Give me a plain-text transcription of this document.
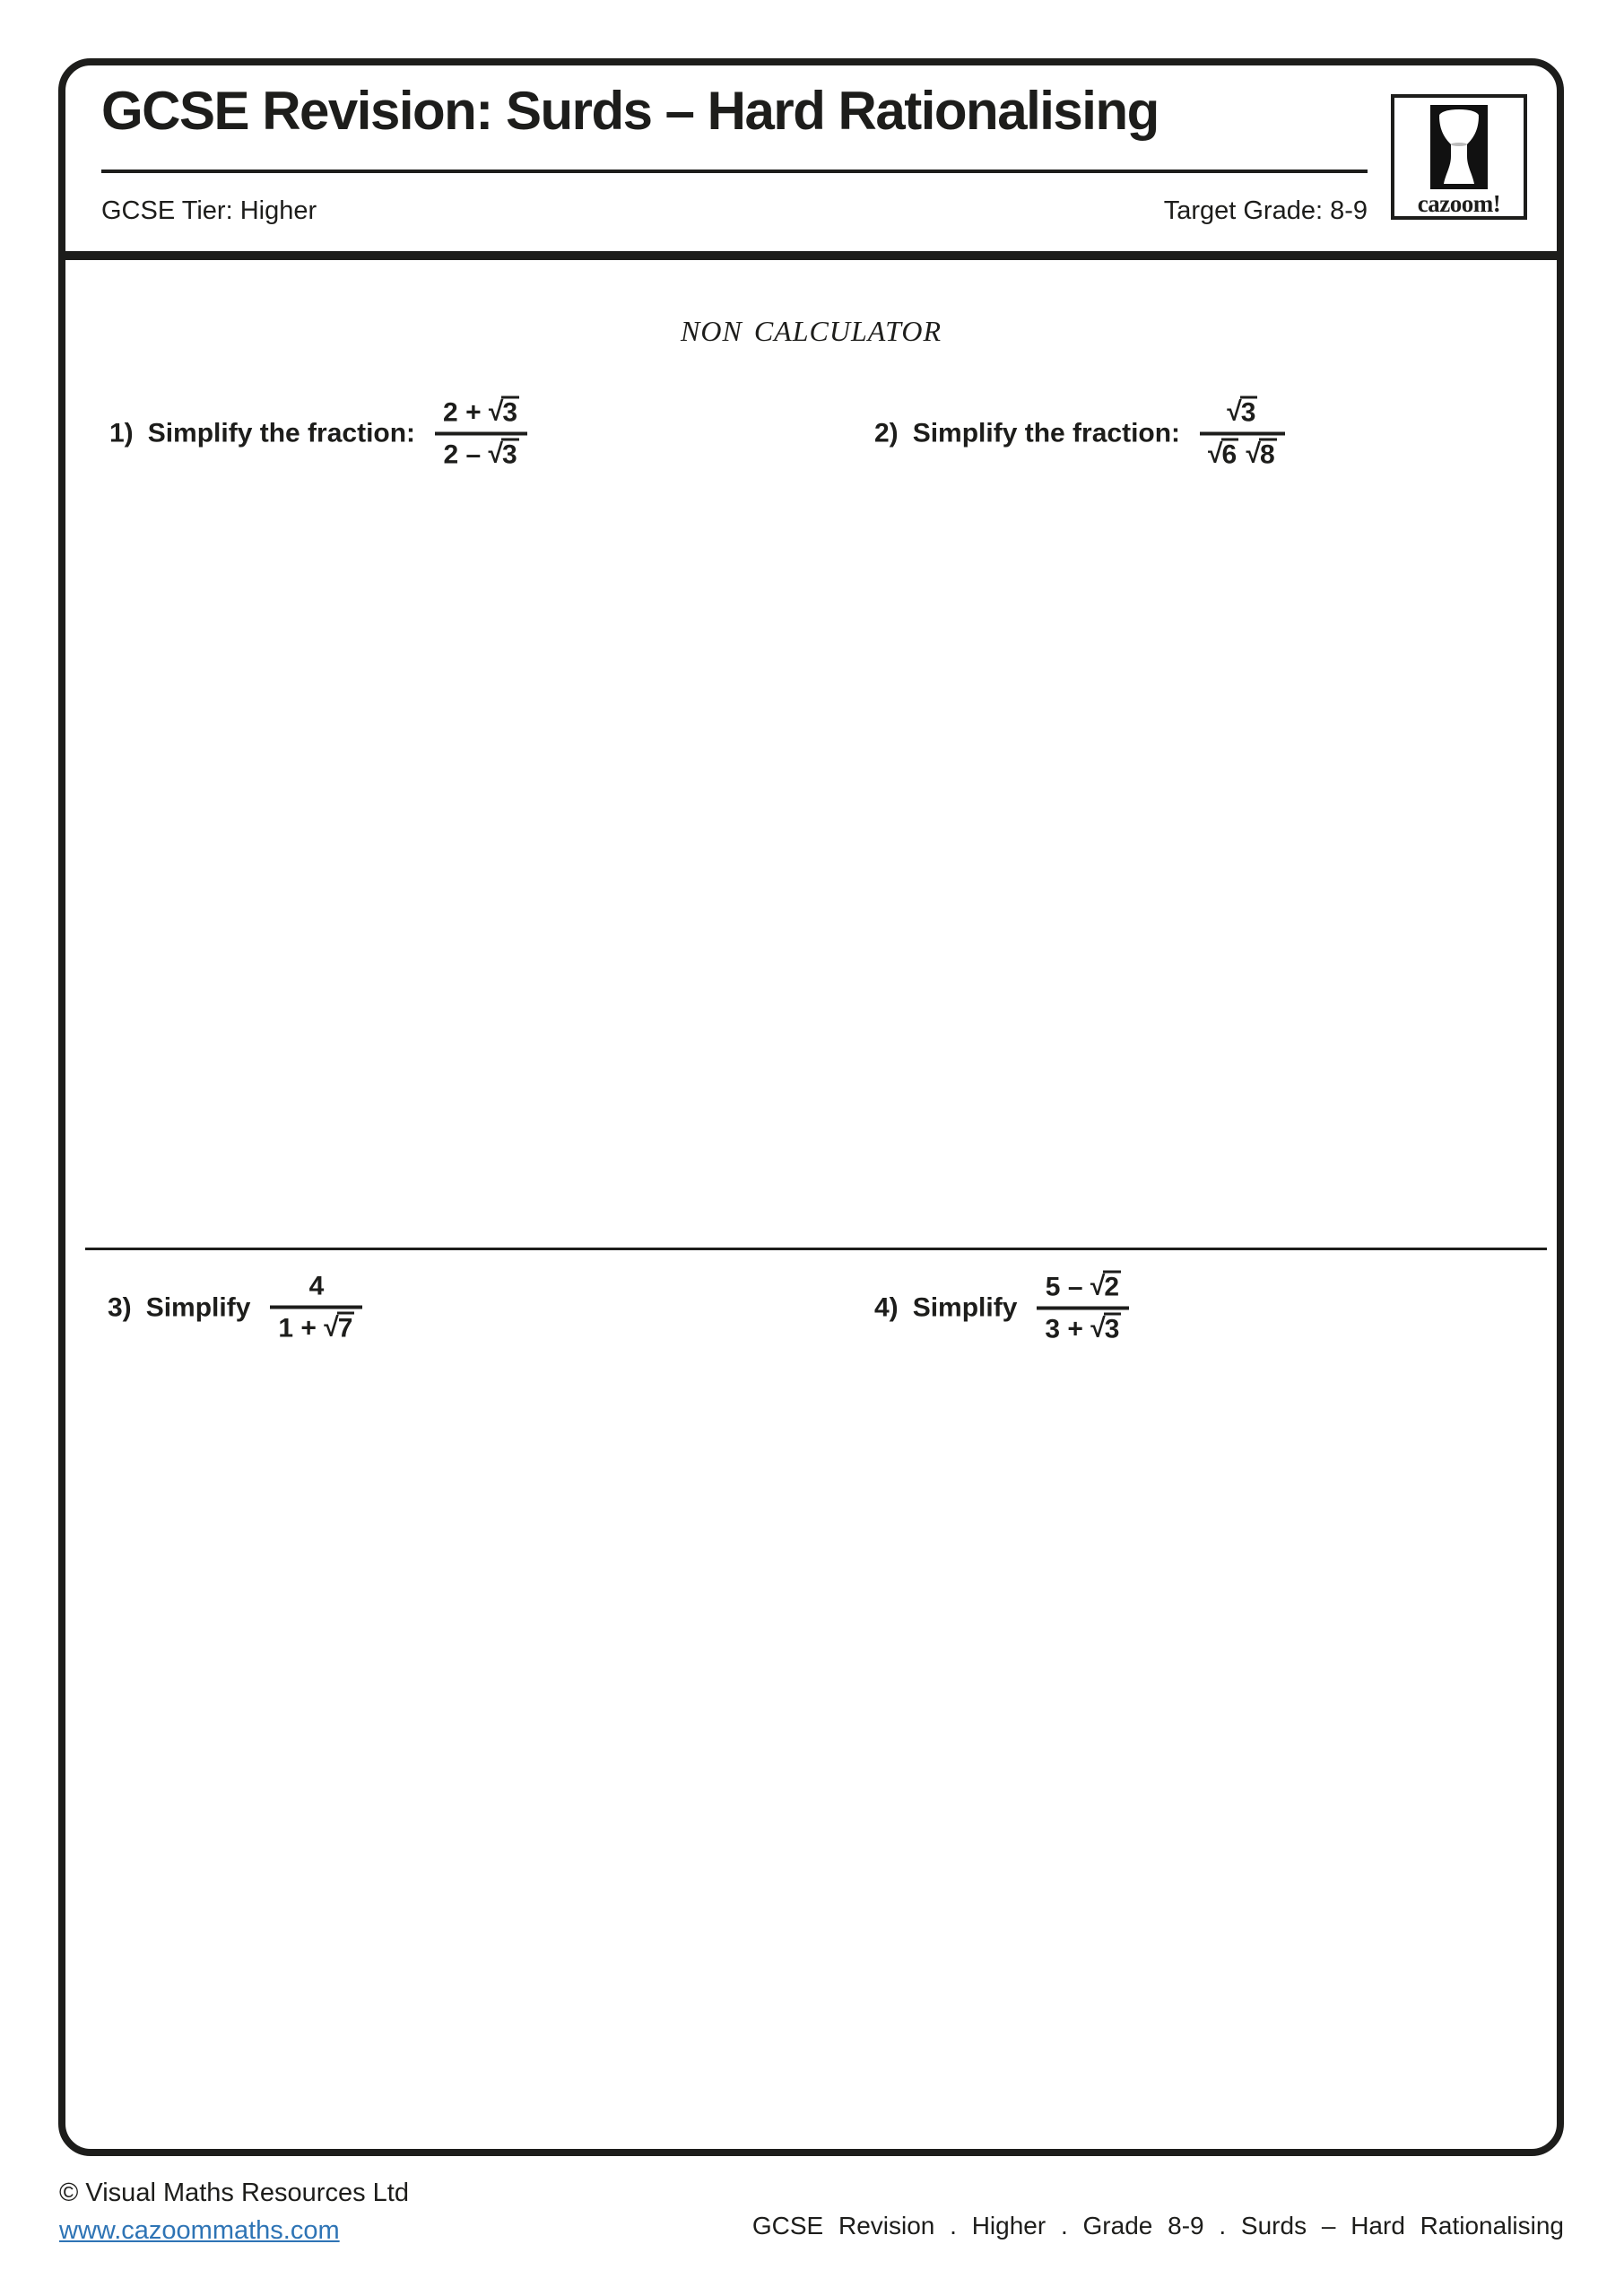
GCSE Revision: Surds – Hard Rationalising
GCSE Tier: Higher	Target Grade: 8-9 cazoom!
NON CALCULATOR
1) Simplify the fraction: $\frac{2 + √3}{2 - √3}$	2) Simplify the fraction: $\frac{√3}{√6 √8}$
3) Simplify $\frac{4}{1 + √7}$	4) Simplify $\frac{5 - √2}{3 + √3}$
© Visual Maths Resources Ltd
www.cazoommaths.com	GCSE Revision . Higher . Grade 8-9 . Surds – Hard Rationalising
